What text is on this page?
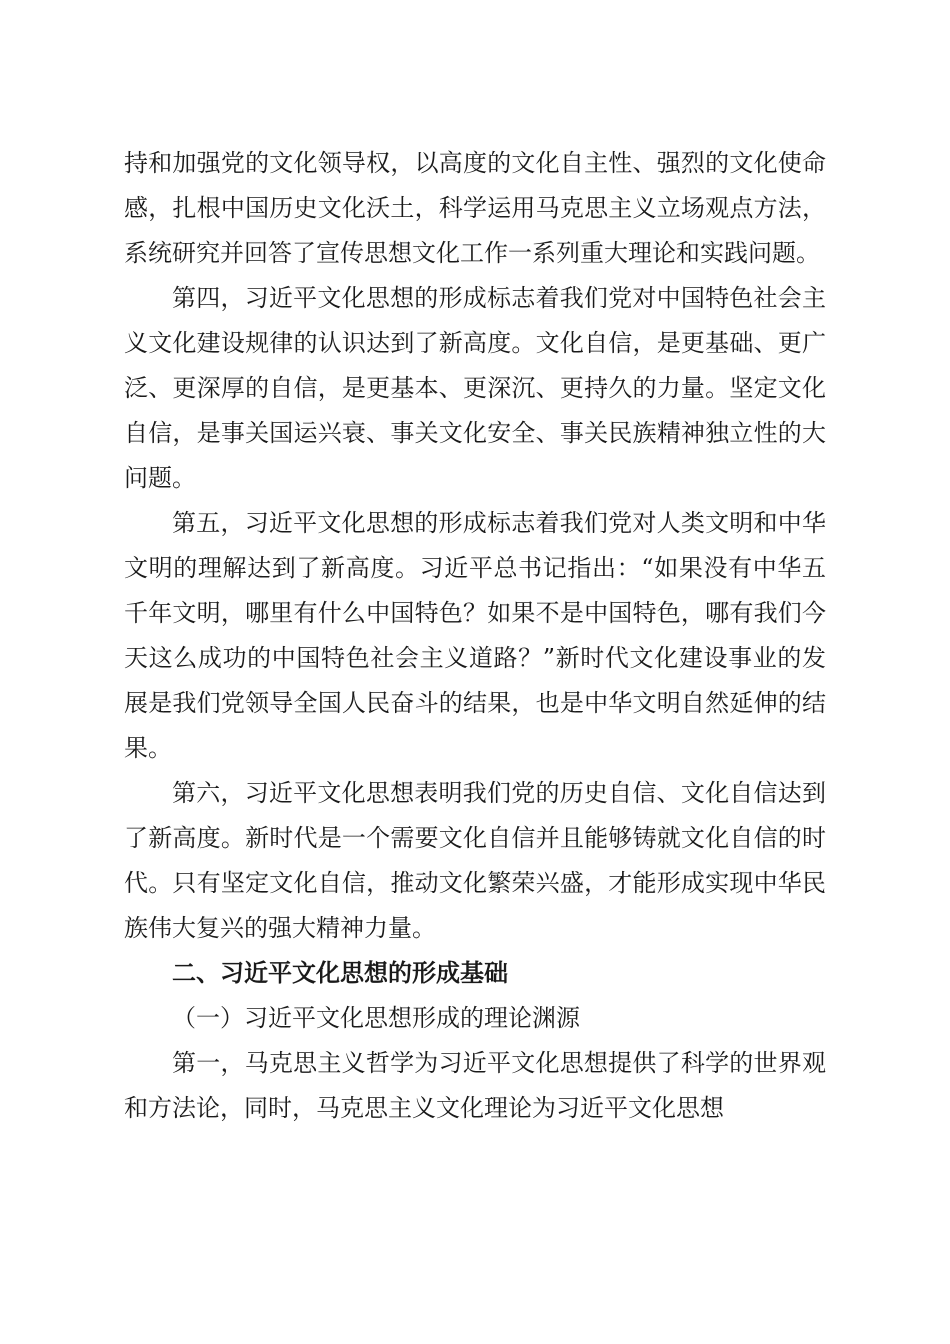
持和加强党的文化领导权，以高度的文化自主性、强烈的文化使命感，扎根中国历史文化沃土，科学运用马克思主义立场观点方法，系统研究并回答了宣传思想文化工作一系列重大理论和实践问题。

第四，习近平文化思想的形成标志着我们党对中国特色社会主义文化建设规律的认识达到了新高度。文化自信，是更基础、更广泛、更深厚的自信，是更基本、更深沉、更持久的力量。坚定文化自信，是事关国运兴衰、事关文化安全、事关民族精神独立性的大问题。

第五，习近平文化思想的形成标志着我们党对人类文明和中华文明的理解达到了新高度。习近平总书记指出：“如果没有中华五千年文明，哪里有什么中国特色？如果不是中国特色，哪有我们今天这么成功的中国特色社会主义道路？”新时代文化建设事业的发展是我们党领导全国人民奋斗的结果，也是中华文明自然延伸的结果。

第六，习近平文化思想表明我们党的历史自信、文化自信达到了新高度。新时代是一个需要文化自信并且能够铸就文化自信的时代。只有坚定文化自信，推动文化繁荣兴盛，才能形成实现中华民族伟大复兴的强大精神力量。

二、习近平文化思想的形成基础

（一）习近平文化思想形成的理论渊源

第一，马克思主义哲学为习近平文化思想提供了科学的世界观和方法论，同时，马克思主义文化理论为习近平文化思想
